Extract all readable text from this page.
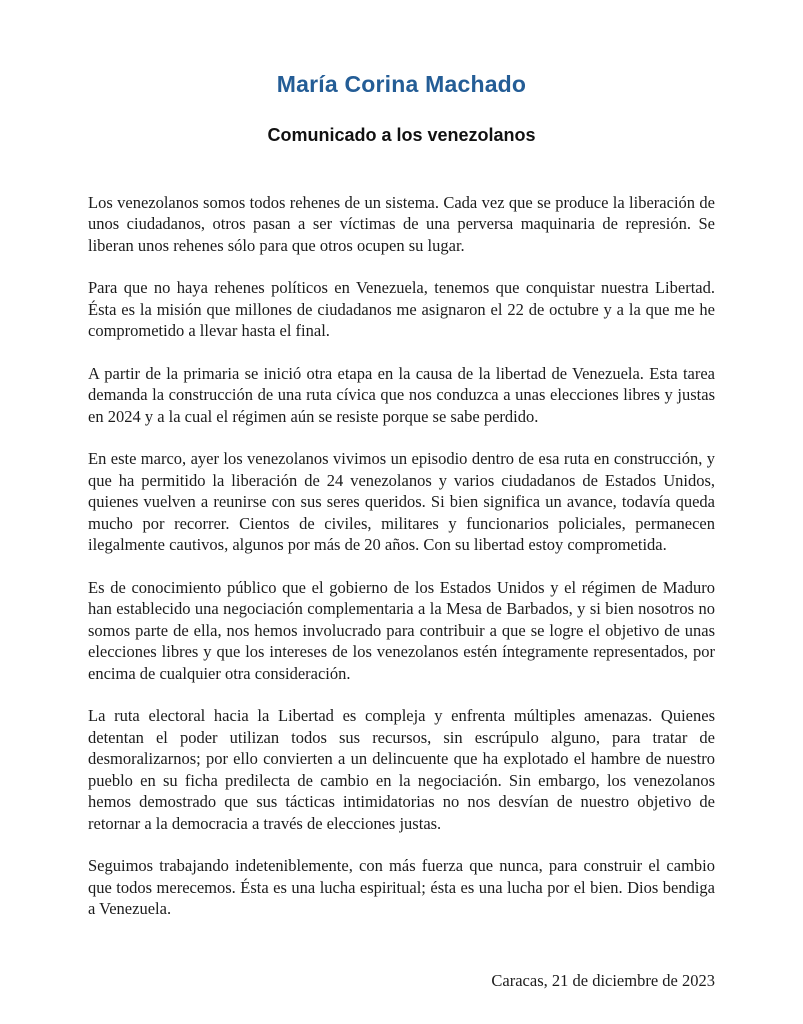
María Corina Machado
Comunicado a los venezolanos

Los venezolanos somos todos rehenes de un sistema. Cada vez que se produce la liberación de unos ciudadanos, otros pasan a ser víctimas de una perversa maquinaria de represión. Se liberan unos rehenes sólo para que otros ocupen su lugar.

Para que no haya rehenes políticos en Venezuela, tenemos que conquistar nuestra Libertad. Ésta es la misión que millones de ciudadanos me asignaron el 22 de octubre y a la que me he comprometido a llevar hasta el final.

A partir de la primaria se inició otra etapa en la causa de la libertad de Venezuela. Esta tarea demanda la construcción de una ruta cívica que nos conduzca a unas elecciones libres y justas en 2024 y a la cual el régimen aún se resiste porque se sabe perdido.

En este marco, ayer los venezolanos vivimos un episodio dentro de esa ruta en construcción, y que ha permitido la liberación de 24 venezolanos y varios ciudadanos de Estados Unidos, quienes vuelven a reunirse con sus seres queridos. Si bien significa un avance, todavía queda mucho por recorrer. Cientos de civiles, militares y funcionarios policiales, permanecen ilegalmente cautivos, algunos por más de 20 años. Con su libertad estoy comprometida.

Es de conocimiento público que el gobierno de los Estados Unidos y el régimen de Maduro han establecido una negociación complementaria a la Mesa de Barbados, y si bien nosotros no somos parte de ella, nos hemos involucrado para contribuir a que se logre el objetivo de unas elecciones libres y que los intereses de los venezolanos estén íntegramente representados, por encima de cualquier otra consideración.

La ruta electoral hacia la Libertad es compleja y enfrenta múltiples amenazas. Quienes detentan el poder utilizan todos sus recursos, sin escrúpulo alguno, para tratar de desmoralizarnos; por ello convierten a un delincuente que ha explotado el hambre de nuestro pueblo en su ficha predilecta de cambio en la negociación. Sin embargo, los venezolanos hemos demostrado que sus tácticas intimidatorias no nos desvían de nuestro objetivo de retornar a la democracia a través de elecciones justas.

Seguimos trabajando indeteniblemente, con más fuerza que nunca, para construir el cambio que todos merecemos. Ésta es una lucha espiritual; ésta es una lucha por el bien. Dios bendiga a Venezuela.

Caracas, 21 de diciembre de 2023
